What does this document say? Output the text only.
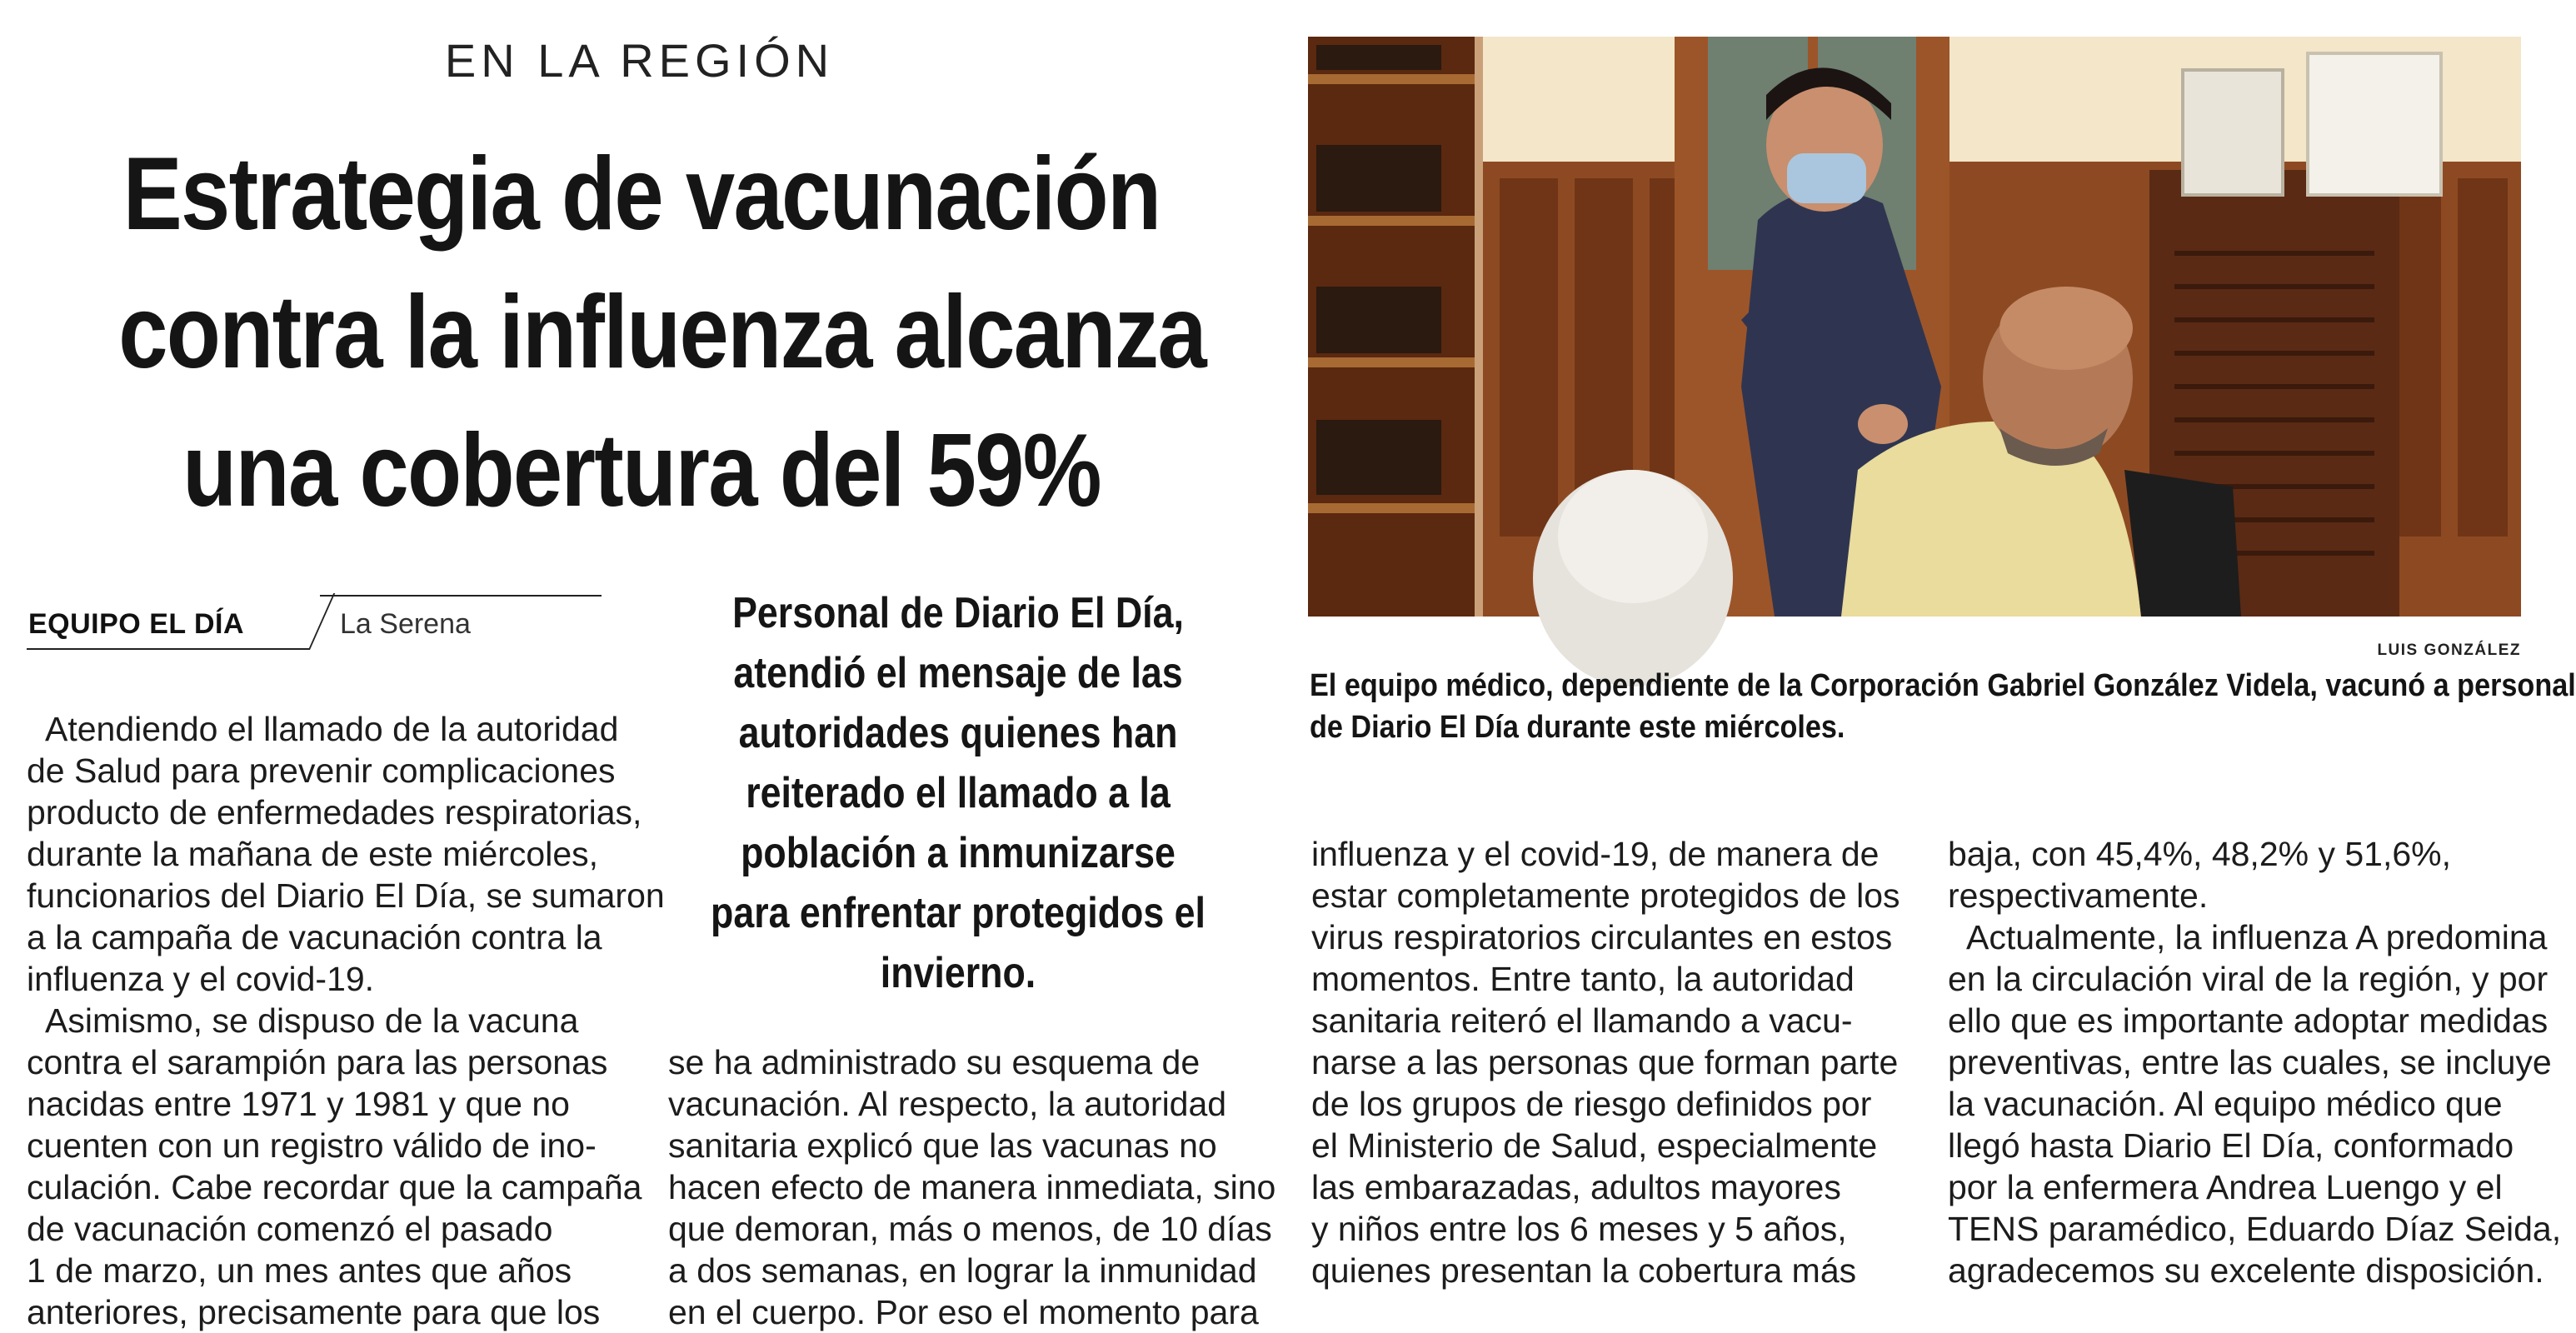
EN LA REGIÓN
Estrategia de vacunación
contra la influenza alcanza
una cobertura del 59%
EQUIPO EL DÍA	La Serena	Personal de Diario El Día,
atendió el mensaje de las
autoridades quienes han
reiterado el llamado a la
población a inmunizarse
para enfrentar protegidos el
invierno.
Atendiendo el llamado de la autoridad
de Salud para prevenir complicaciones
producto de enfermedades respiratorias,
durante la mañana de este miércoles,
funcionarios del Diario El Día, se sumaron
a la campaña de vacunación contra la
influenza y el covid-19.
Asimismo, se dispuso de la vacuna
contra el sarampión para las personas
nacidas entre 1971 y 1981 y que no
cuenten con un registro válido de ino-
culación. Cabe recordar que la campaña
de vacunación comenzó el pasado
1 de marzo, un mes antes que años
anteriores, precisamente para que los
se ha administrado su esquema de
vacunación. Al respecto, la autoridad
sanitaria explicó que las vacunas no
hacen efecto de manera inmediata, sino
que demoran, más o menos, de 10 días
a dos semanas, en lograr la inmunidad
en el cuerpo. Por eso el momento para
influenza y el covid-19, de manera de
estar completamente protegidos de los
virus respiratorios circulantes en estos
momentos. Entre tanto, la autoridad
sanitaria reiteró el llamando a vacu-
narse a las personas que forman parte
de los grupos de riesgo definidos por
el Ministerio de Salud, especialmente
las embarazadas, adultos mayores
y niños entre los 6 meses y 5 años,
quienes presentan la cobertura más
baja, con 45,4%, 48,2% y 51,6%,
respectivamente.
Actualmente, la influenza A predomina
en la circulación viral de la región, y por
ello que es importante adoptar medidas
preventivas, entre las cuales, se incluye
la vacunación. Al equipo médico que
llegó hasta Diario El Día, conformado
por la enfermera Andrea Luengo y el
TENS paramédico, Eduardo Díaz Seida,
agradecemos su excelente disposición.
LUIS GONZÁLEZ
El equipo médico, dependiente de la Corporación Gabriel González Videla, vacunó a personal
de Diario El Día durante este miércoles.
